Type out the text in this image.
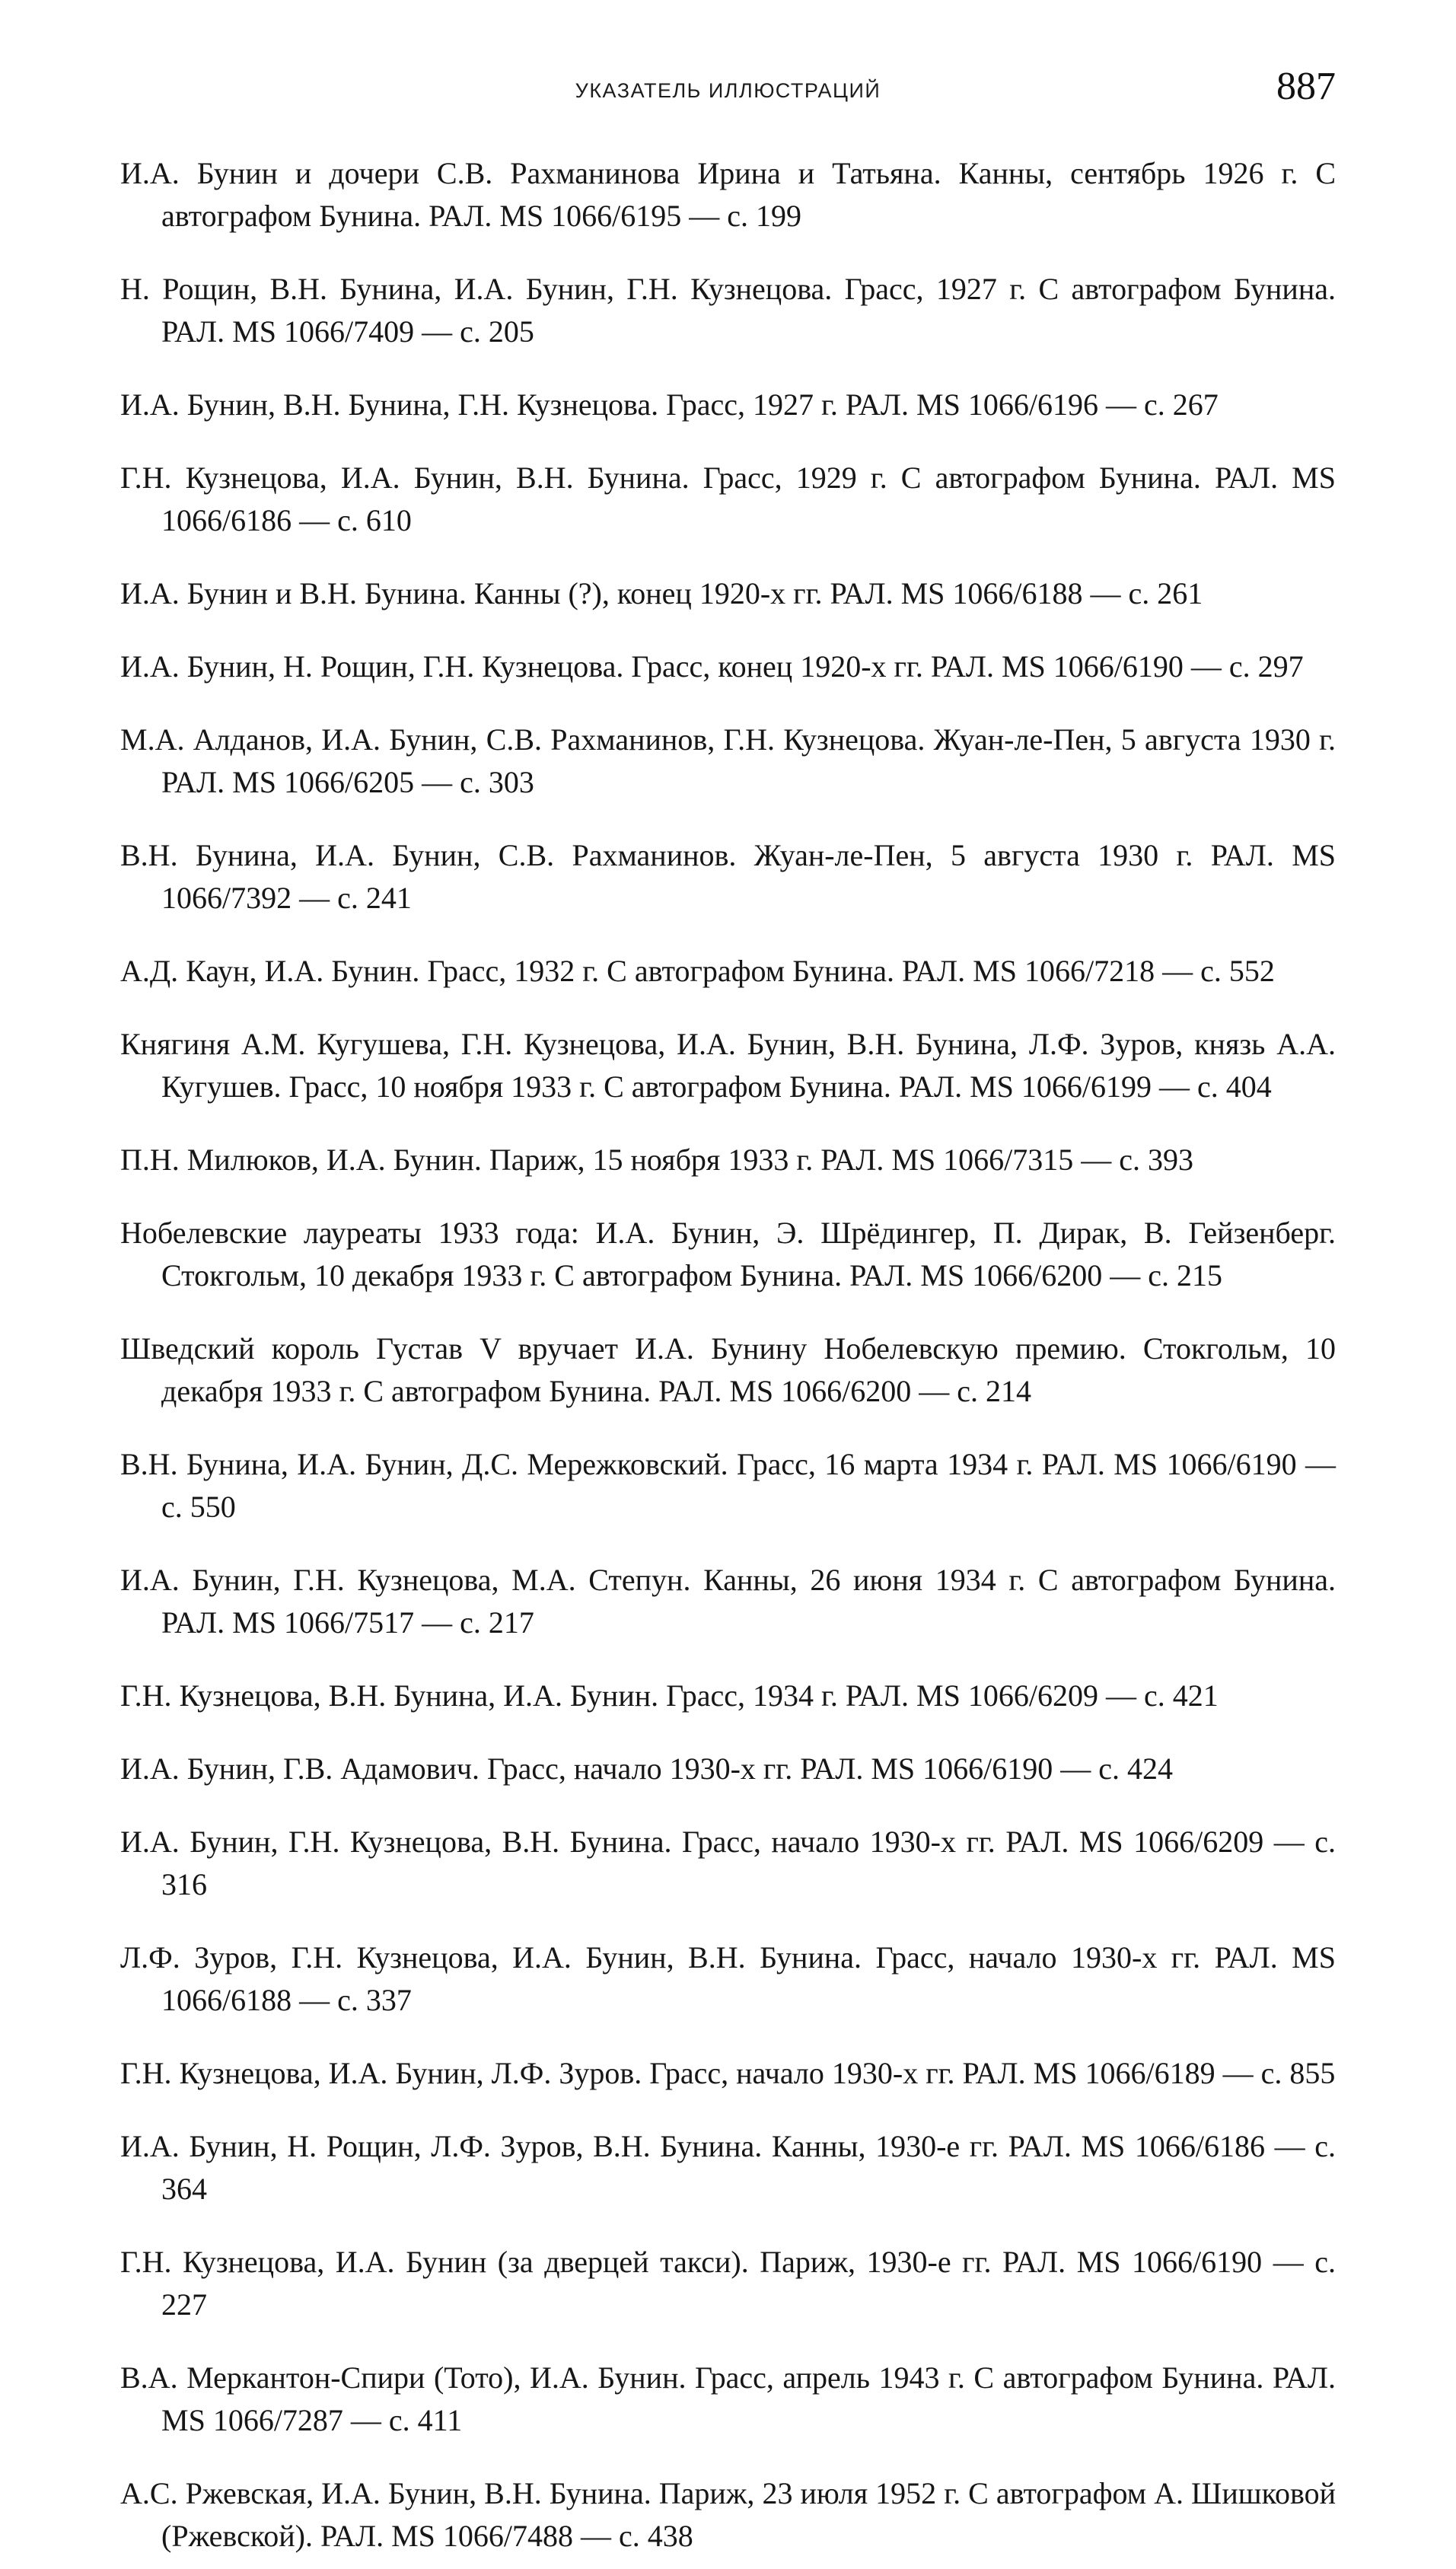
УКАЗАТЕЛЬ ИЛЛЮСТРАЦИЙ	887

И.А. Бунин и дочери С.В. Рахманинова Ирина и Татьяна. Канны, сентябрь 1926 г. С автографом Бунина. РАЛ. MS 1066/6195 — с. 199

Н. Рощин, В.Н. Бунина, И.А. Бунин, Г.Н. Кузнецова. Грасс, 1927 г. С автографом Бунина. РАЛ. MS 1066/7409 — с. 205

И.А. Бунин, В.Н. Бунина, Г.Н. Кузнецова. Грасс, 1927 г. РАЛ. MS 1066/6196 — с. 267

Г.Н. Кузнецова, И.А. Бунин, В.Н. Бунина. Грасс, 1929 г. С автографом Бунина. РАЛ. MS 1066/6186 — с. 610

И.А. Бунин и В.Н. Бунина. Канны (?), конец 1920-х гг. РАЛ. MS 1066/6188 — с. 261

И.А. Бунин, Н. Рощин, Г.Н. Кузнецова. Грасс, конец 1920-х гг. РАЛ. MS 1066/6190 — с. 297

М.А. Алданов, И.А. Бунин, С.В. Рахманинов, Г.Н. Кузнецова. Жуан-ле-Пен, 5 августа 1930 г. РАЛ. MS 1066/6205 — с. 303

В.Н. Бунина, И.А. Бунин, С.В. Рахманинов. Жуан-ле-Пен, 5 августа 1930 г. РАЛ. MS 1066/7392 — с. 241

А.Д. Каун, И.А. Бунин. Грасс, 1932 г. С автографом Бунина. РАЛ. MS 1066/7218 — с. 552

Княгиня А.М. Кугушева, Г.Н. Кузнецова, И.А. Бунин, В.Н. Бунина, Л.Ф. Зуров, князь А.А. Кугушев. Грасс, 10 ноября 1933 г. С автографом Бунина. РАЛ. MS 1066/6199 — с. 404

П.Н. Милюков, И.А. Бунин. Париж, 15 ноября 1933 г. РАЛ. MS 1066/7315 — с. 393

Нобелевские лауреаты 1933 года: И.А. Бунин, Э. Шрёдингер, П. Дирак, В. Гейзенберг. Стокгольм, 10 декабря 1933 г. С автографом Бунина. РАЛ. MS 1066/6200 — с. 215

Шведский король Густав V вручает И.А. Бунину Нобелевскую премию. Стокгольм, 10 декабря 1933 г. С автографом Бунина. РАЛ. MS 1066/6200 — с. 214

В.Н. Бунина, И.А. Бунин, Д.С. Мережковский. Грасс, 16 марта 1934 г. РАЛ. MS 1066/6190 — с. 550

И.А. Бунин, Г.Н. Кузнецова, М.А. Степун. Канны, 26 июня 1934 г. С автографом Бунина. РАЛ. MS 1066/7517 — с. 217

Г.Н. Кузнецова, В.Н. Бунина, И.А. Бунин. Грасс, 1934 г. РАЛ. MS 1066/6209 — с. 421

И.А. Бунин, Г.В. Адамович. Грасс, начало 1930-х гг. РАЛ. MS 1066/6190 — с. 424

И.А. Бунин, Г.Н. Кузнецова, В.Н. Бунина. Грасс, начало 1930-х гг. РАЛ. MS 1066/6209 — с. 316

Л.Ф. Зуров, Г.Н. Кузнецова, И.А. Бунин, В.Н. Бунина. Грасс, начало 1930-х гг. РАЛ. MS 1066/6188 — с. 337

Г.Н. Кузнецова, И.А. Бунин, Л.Ф. Зуров. Грасс, начало 1930-х гг. РАЛ. MS 1066/6189 — с. 855

И.А. Бунин, Н. Рощин, Л.Ф. Зуров, В.Н. Бунина. Канны, 1930-е гг. РАЛ. MS 1066/6186 — с. 364

Г.Н. Кузнецова, И.А. Бунин (за дверцей такси). Париж, 1930-е гг. РАЛ. MS 1066/6190 — с. 227

В.А. Меркантон-Спири (Тото), И.А. Бунин. Грасс, апрель 1943 г. С автографом Бунина. РАЛ. MS 1066/7287 — с. 411

А.С. Ржевская, И.А. Бунин, В.Н. Бунина. Париж, 23 июля 1952 г. С автографом А. Шишковой (Ржевской). РАЛ. MS 1066/7488 — с. 438
